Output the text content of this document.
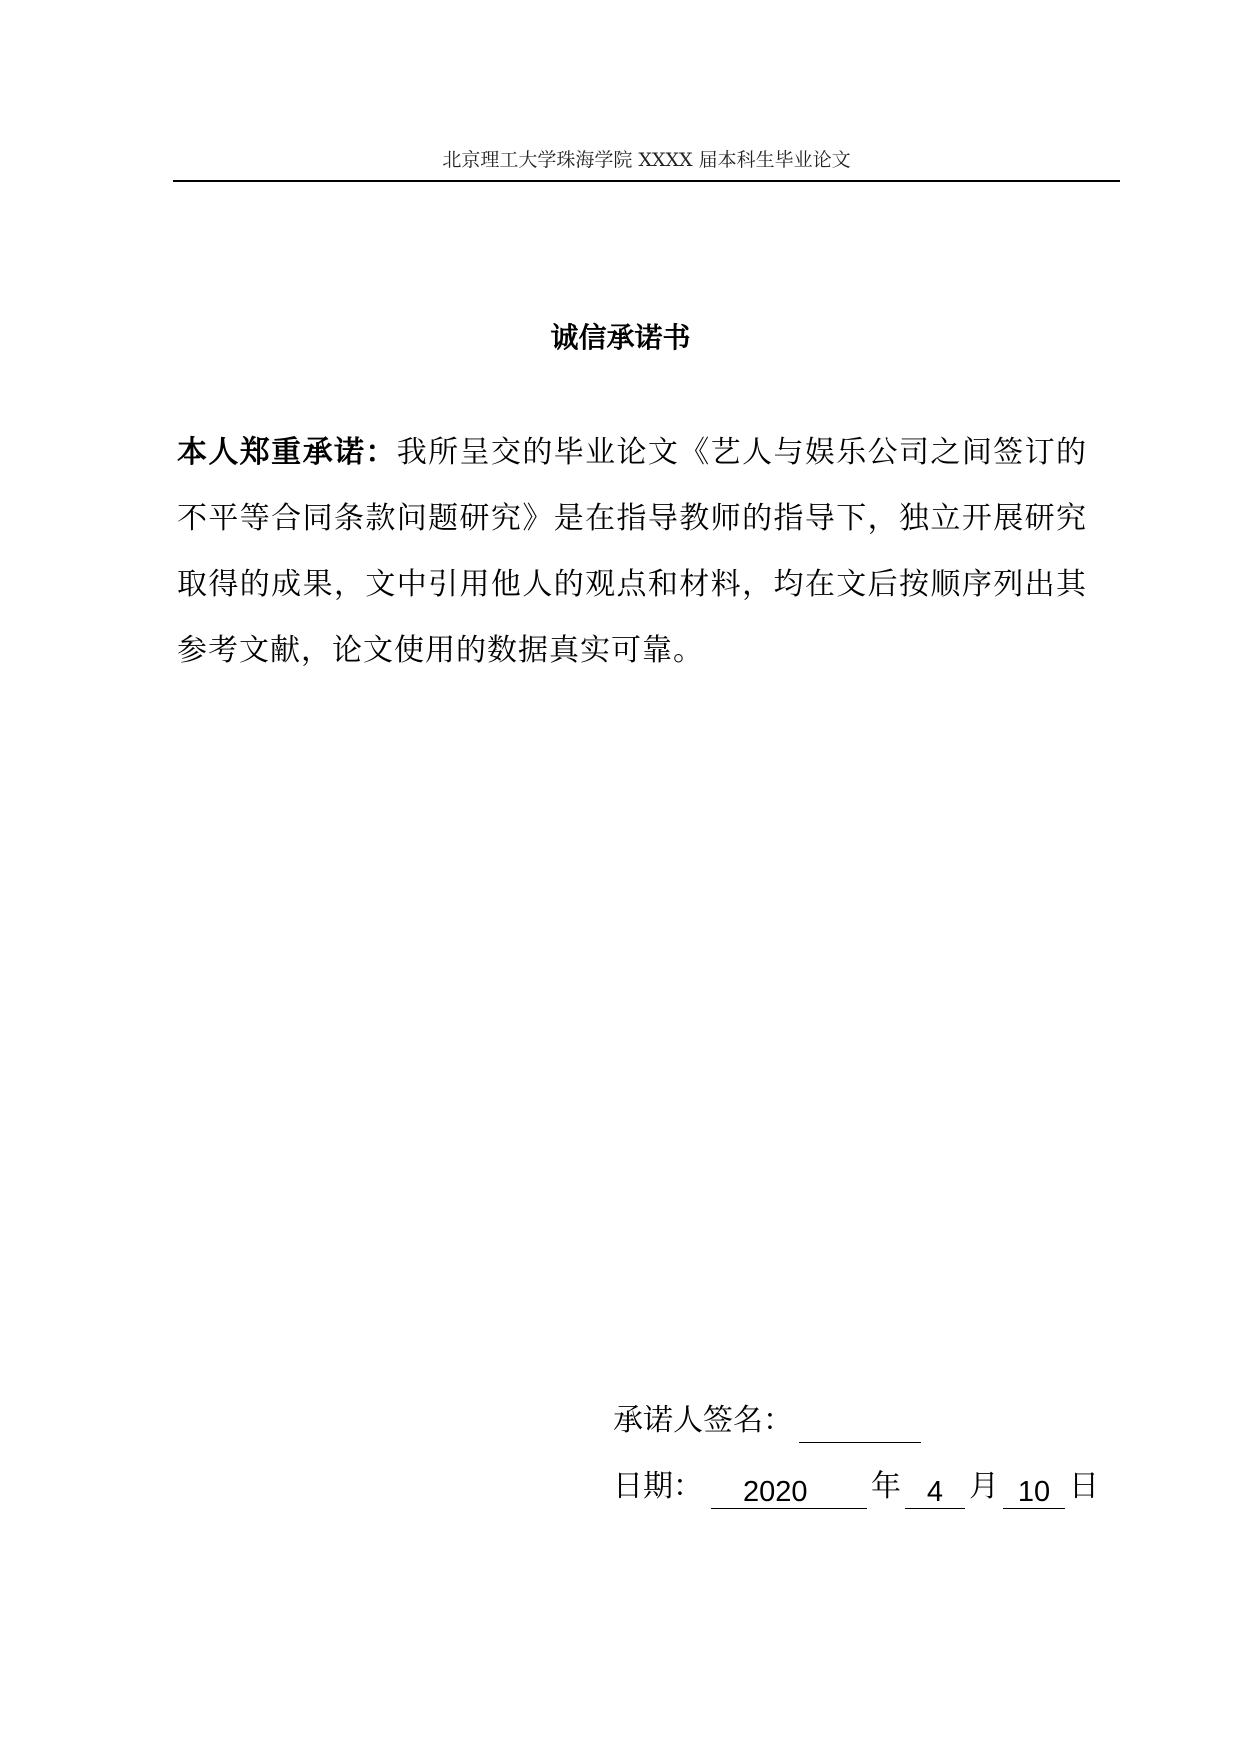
北京理工大学珠海学院 XXXX 届本科生毕业论文
诚信承诺书

本人郑重承诺：我所呈交的毕业论文《艺人与娱乐公司之间签订的不平等合同条款问题研究》是在指导教师的指导下，独立开展研究取得的成果，文中引用他人的观点和材料，均在文后按顺序列出其参考文献，论文使用的数据真实可靠。

承诺人签名：
日期： 2020 年 4 月 10 日
